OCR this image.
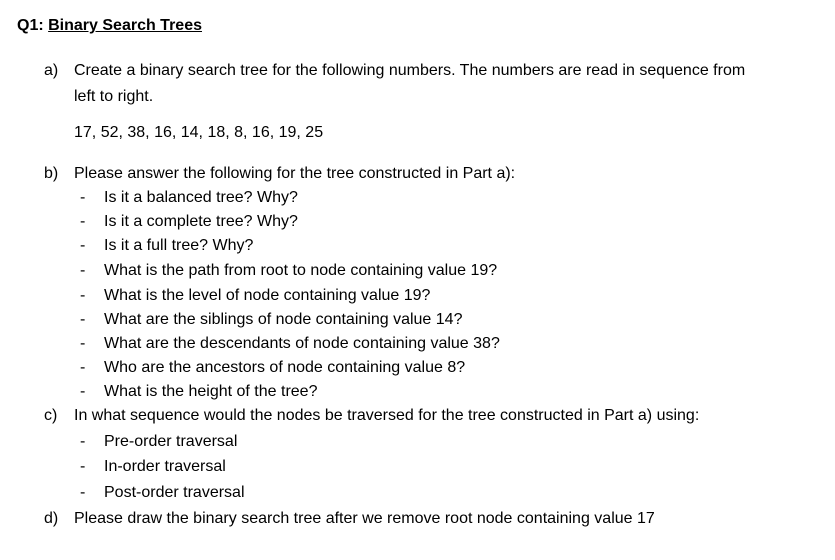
Q1: Binary Search Trees
a) Create a binary search tree for the following numbers. The numbers are read in sequence from
left to right.
17, 52, 38, 16, 14, 18, 8, 16, 19, 25
b) Please answer the following for the tree constructed in Part a):
- Is it a balanced tree? Why?
- Is it a complete tree? Why?
- Is it a full tree? Why?
- What is the path from root to node containing value 19?
- What is the level of node containing value 19?
- What are the siblings of node containing value 14?
- What are the descendants of node containing value 38?
- Who are the ancestors of node containing value 8?
- What is the height of the tree?
c) In what sequence would the nodes be traversed for the tree constructed in Part a) using:
- Pre-order traversal
- In-order traversal
- Post-order traversal
d) Please draw the binary search tree after we remove root node containing value 17
